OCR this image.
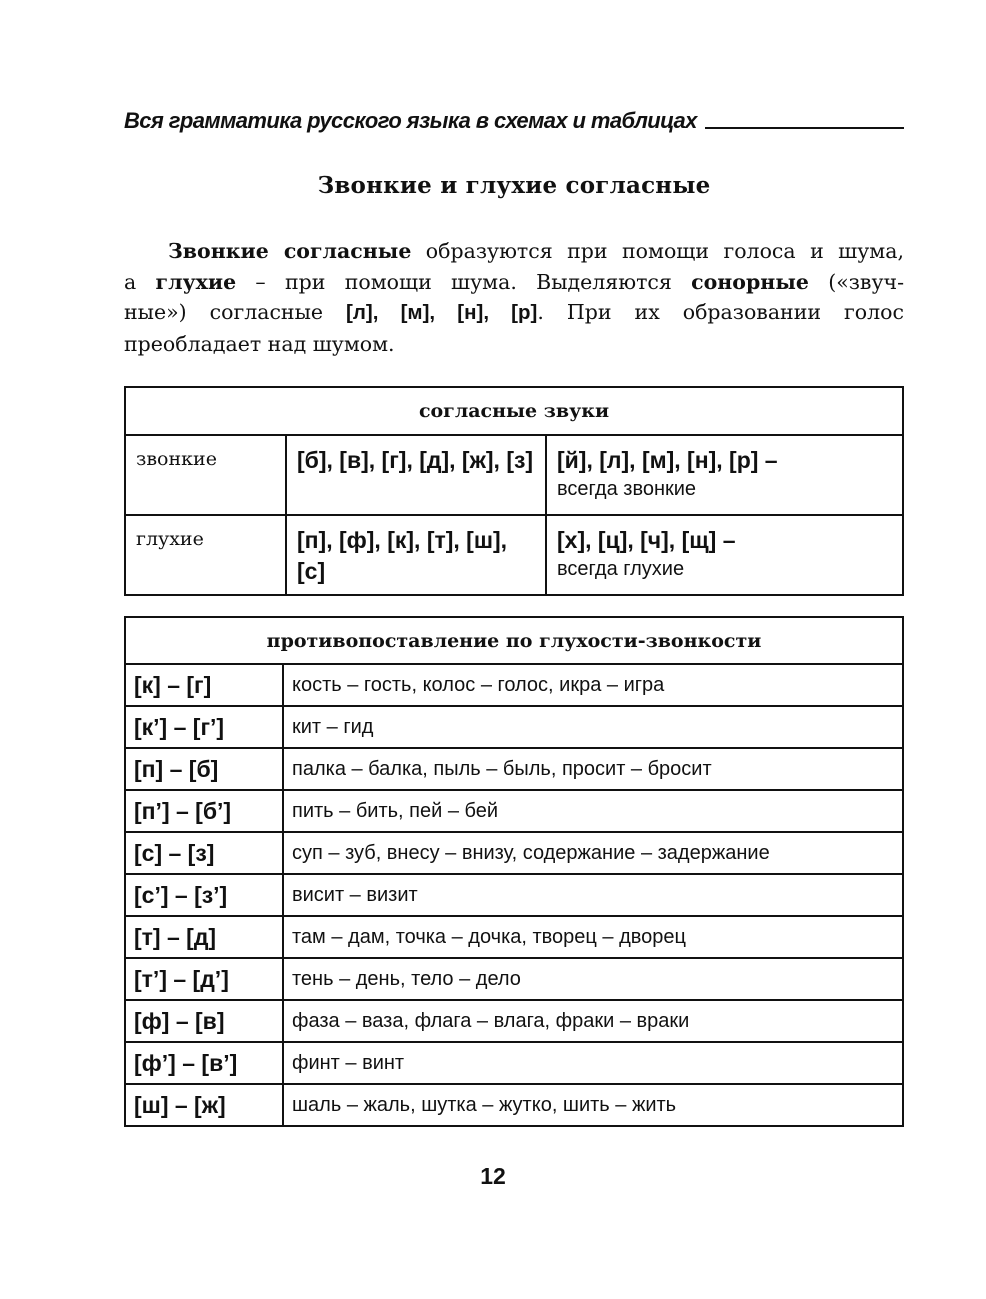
Вся грамматика русского языка в схемах и таблицах
Звонкие и глухие согласные
Звонкие согласные образуются при помощи голоса и шума,
а глухие – при помощи шума. Выделяются сонорные («звуч-
ные») согласные [л], [м], [н], [р]. При их образовании голос
преобладает над шумом.
согласные звуки		
звонкие	[б], [в], [г], [д], [ж], [з]	[й], [л], [м], [н], [р] –
всегда звонкие

глухие	[п], [ф], [к], [т], [ш], [с]	[х], [ц], [ч], [щ] –
всегда глухие
противопоставление по глухости-звонкости	
[к] – [г]	кость – гость, колос – голос, икра – игра
[к’] – [г’]	кит – гид
[п] – [б]	палка – балка, пыль – быль, просит – бросит
[п’] – [б’]	пить – бить, пей – бей
[с] – [з]	суп – зуб, внесу – внизу, содержание – задержание
[с’] – [з’]	висит – визит
[т] – [д]	там – дам, точка – дочка, творец – дворец
[т’] – [д’]	тень – день, тело – дело
[ф] – [в]	фаза – ваза, флага – влага, фраки – враки
[ф’] – [в’]	финт – винт
[ш] – [ж]	шаль – жаль, шутка – жутко, шить – жить
12
